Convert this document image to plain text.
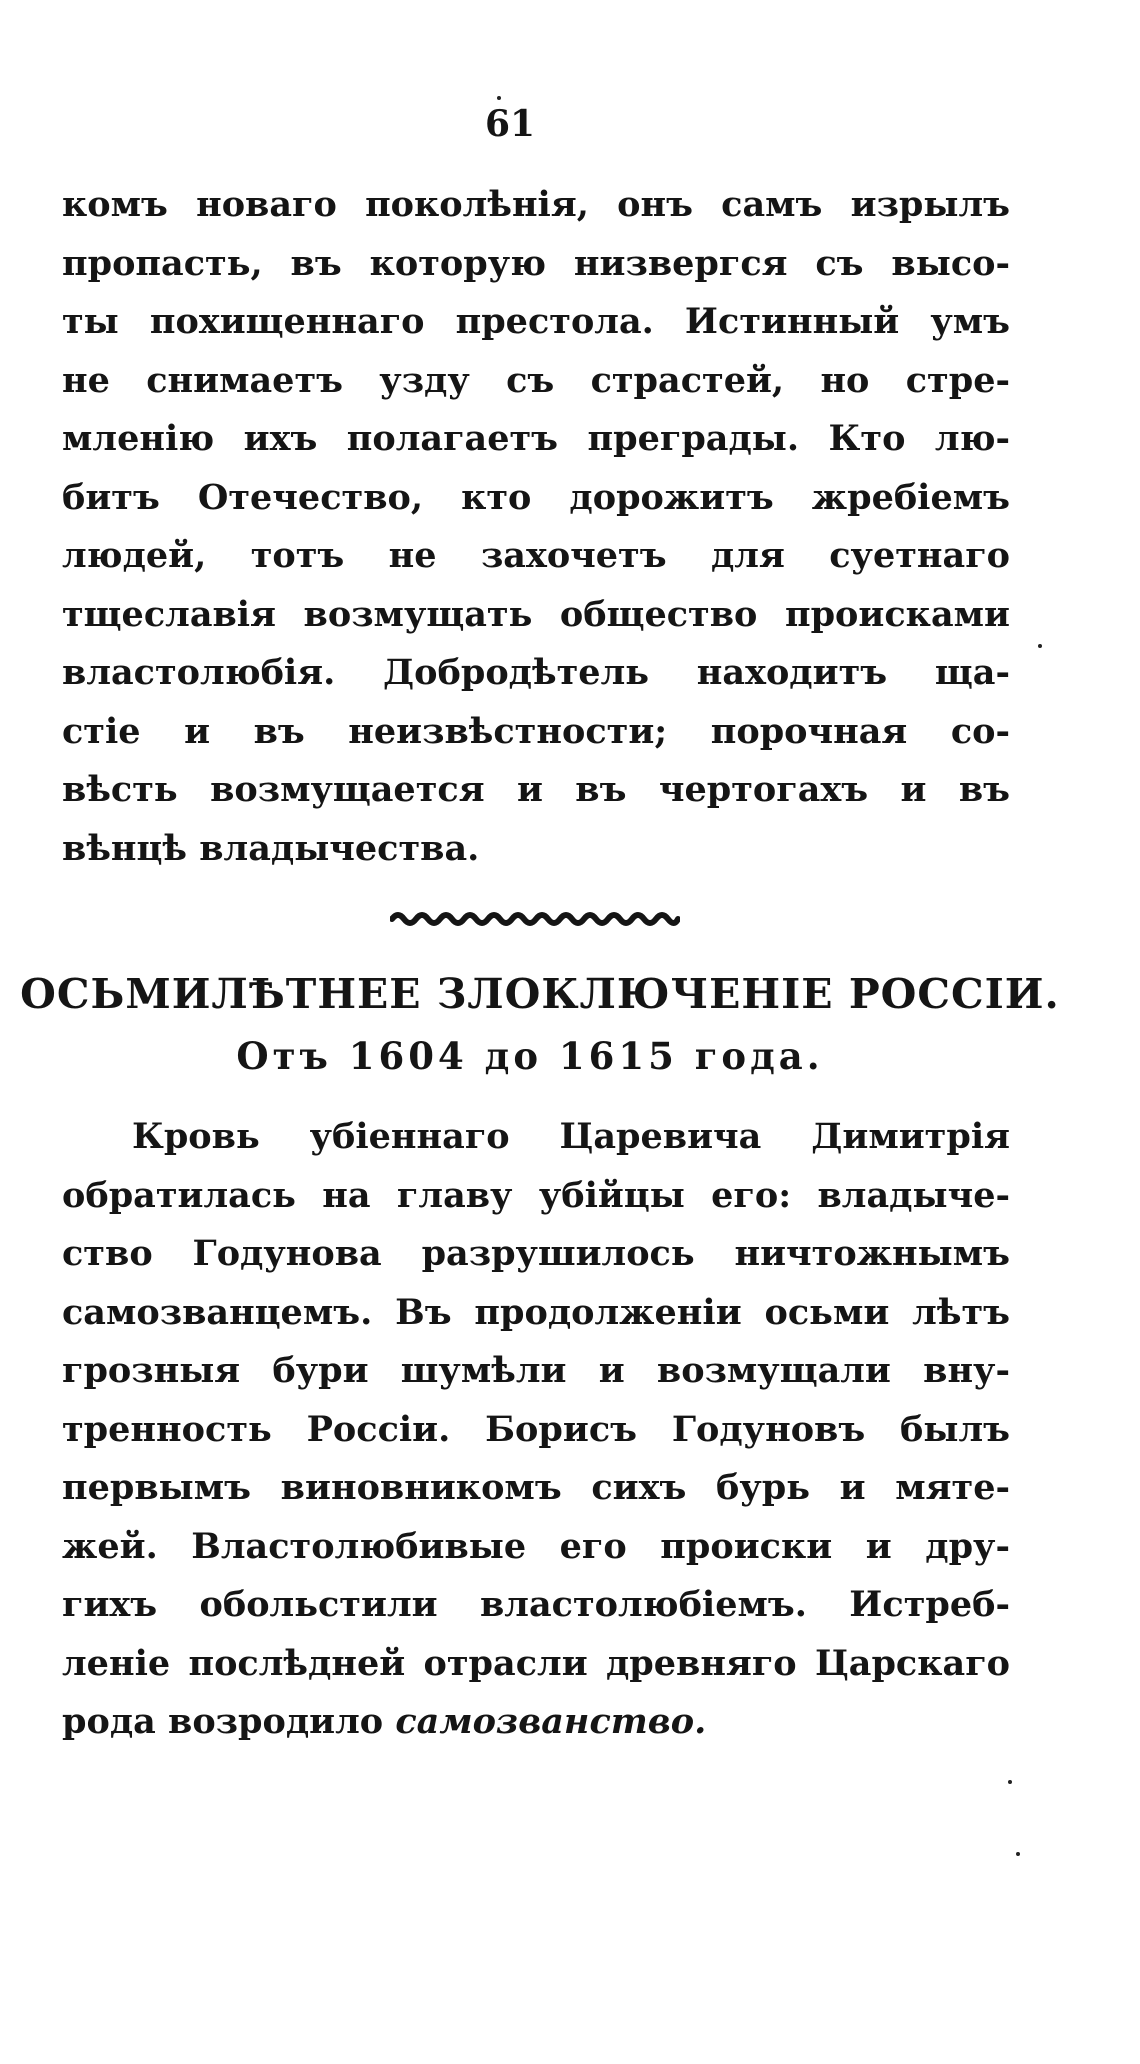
61
комъ новаго поколѣнія, онъ самъ изрылъ
пропасть, въ которую низвергся съ высо-
ты похищеннаго престола. Истинный умъ
не снимаетъ узду съ страстей, но стре-
мленію ихъ полагаетъ преграды. Кто лю-
битъ Отечество, кто дорожитъ жребіемъ
людей, тотъ не захочетъ для суетнаго
тщеславія возмущать общество происками
властолюбія. Добродѣтель находитъ ща-
стіе и въ неизвѣстности; порочная со-
вѣсть возмущается и въ чертогахъ и въ
вѣнцѣ владычества.
ОСЬМИЛѢТНЕЕ ЗЛОКЛЮЧЕНІЕ РОССІИ.
Отъ 1604 до 1615 года.
Кровь убіеннаго Царевича Димитрія
обратилась на главу убійцы его: владыче-
ство Годунова разрушилось ничтожнымъ
самозванцемъ. Въ продолженіи осьми лѣтъ
грозныя бури шумѣли и возмущали вну-
тренность Россіи. Борисъ Годуновъ былъ
первымъ виновникомъ сихъ бурь и мяте-
жей. Властолюбивые его происки и дру-
гихъ обольстили властолюбіемъ. Истреб-
леніе послѣдней отрасли древняго Царскаго
рода возродило самозванство.
